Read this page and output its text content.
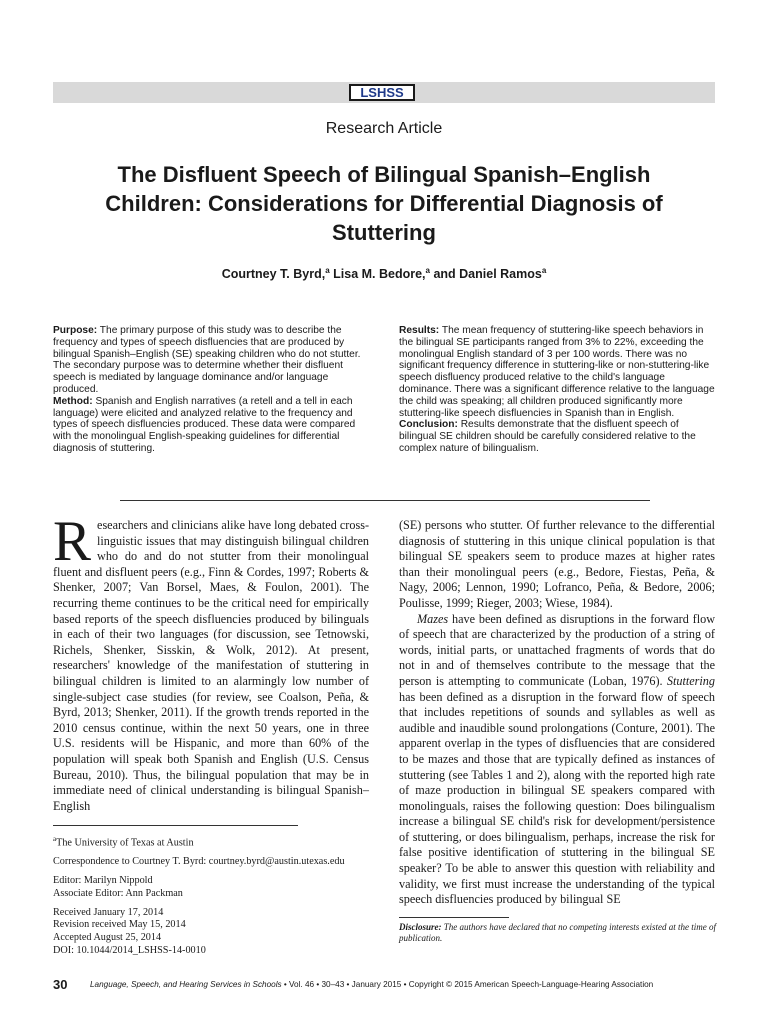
LSHSS
Research Article
The Disfluent Speech of Bilingual Spanish–English Children: Considerations for Differential Diagnosis of Stuttering
Courtney T. Byrd,$^a$ Lisa M. Bedore,$^a$ and Daniel Ramos$^a$

Purpose: The primary purpose of this study was to describe the frequency and types of speech disfluencies that are produced by bilingual Spanish–English (SE) speaking children who do not stutter. The secondary purpose was to determine whether their disfluent speech is mediated by language dominance and/or language produced.

Method: Spanish and English narratives (a retell and a tell in each language) were elicited and analyzed relative to the frequency and types of speech disfluencies produced. These data were compared with the monolingual English-speaking guidelines for differential diagnosis of stuttering.

Results: The mean frequency of stuttering-like speech behaviors in the bilingual SE participants ranged from 3% to 22%, exceeding the monolingual English standard of 3 per 100 words. There was no significant frequency difference in stuttering-like or non-stuttering-like speech disfluency produced relative to the child's language dominance. There was a significant difference relative to the language the child was speaking; all children produced significantly more stuttering-like speech disfluencies in Spanish than in English.

Conclusion: Results demonstrate that the disfluent speech of bilingual SE children should be carefully considered relative to the complex nature of bilingualism.

Researchers and clinicians alike have long debated cross-linguistic issues that may distinguish bilingual children who do and do not stutter from their monolingual fluent and disfluent peers (e.g., Finn & Cordes, 1997; Roberts & Shenker, 2007; Van Borsel, Maes, & Foulon, 2001). The recurring theme continues to be the critical need for empirically based reports of the speech disfluencies produced by bilinguals in each of their two languages (for discussion, see Tetnowski, Richels, Shenker, Sisskin, & Wolk, 2012). At present, researchers' knowledge of the manifestation of stuttering in bilingual children is limited to an alarmingly low number of single-subject case studies (for review, see Coalson, Peña, & Byrd, 2013; Shenker, 2011). If the growth trends reported in the 2010 census continue, within the next 50 years, one in three U.S. residents will be Hispanic, and more than 60% of the population will speak both Spanish and English (U.S. Census Bureau, 2010). Thus, the bilingual population that may be in immediate need of clinical understanding is bilingual Spanish–English

(SE) persons who stutter. Of further relevance to the differential diagnosis of stuttering in this unique clinical population is that bilingual SE speakers seem to produce mazes at higher rates than their monolingual peers (e.g., Bedore, Fiestas, Peña, & Nagy, 2006; Lennon, 1990; Lofranco, Peña, & Bedore, 2006; Poulisse, 1999; Rieger, 2003; Wiese, 1984).

Mazes have been defined as disruptions in the forward flow of speech that are characterized by the production of a string of words, initial parts, or unattached fragments of words that do not in and of themselves contribute to the message that the person is attempting to communicate (Loban, 1976). Stuttering has been defined as a disruption in the forward flow of speech that includes repetitions of sounds and syllables as well as audible and inaudible sound prolongations (Conture, 2001). The apparent overlap in the types of disfluencies that are considered to be mazes and those that are typically defined as instances of stuttering (see Tables 1 and 2), along with the reported high rate of maze production in bilingual SE speakers compared with monolinguals, raises the following question: Does bilingualism increase a bilingual SE child's risk for development/persistence of stuttering, or does bilingualism, perhaps, increase the risk for false positive identification of stuttering in the bilingual SE speaker? To be able to answer this question with reliability and validity, we first must increase the understanding of the typical speech disfluencies produced by bilingual SE

$^a$The University of Texas at Austin

Correspondence to Courtney T. Byrd: courtney.byrd@austin.utexas.edu

Editor: Marilyn Nippold

Associate Editor: Ann Packman

Received January 17, 2014

Revision received May 15, 2014

Accepted August 25, 2014

DOI: 10.1044/2014_LSHSS-14-0010

Disclosure: The authors have declared that no competing interests existed at the time of publication.
30	Language, Speech, and Hearing Services in Schools • Vol. 46 • 30–43 • January 2015 • Copyright © 2015 American Speech-Language-Hearing Association
